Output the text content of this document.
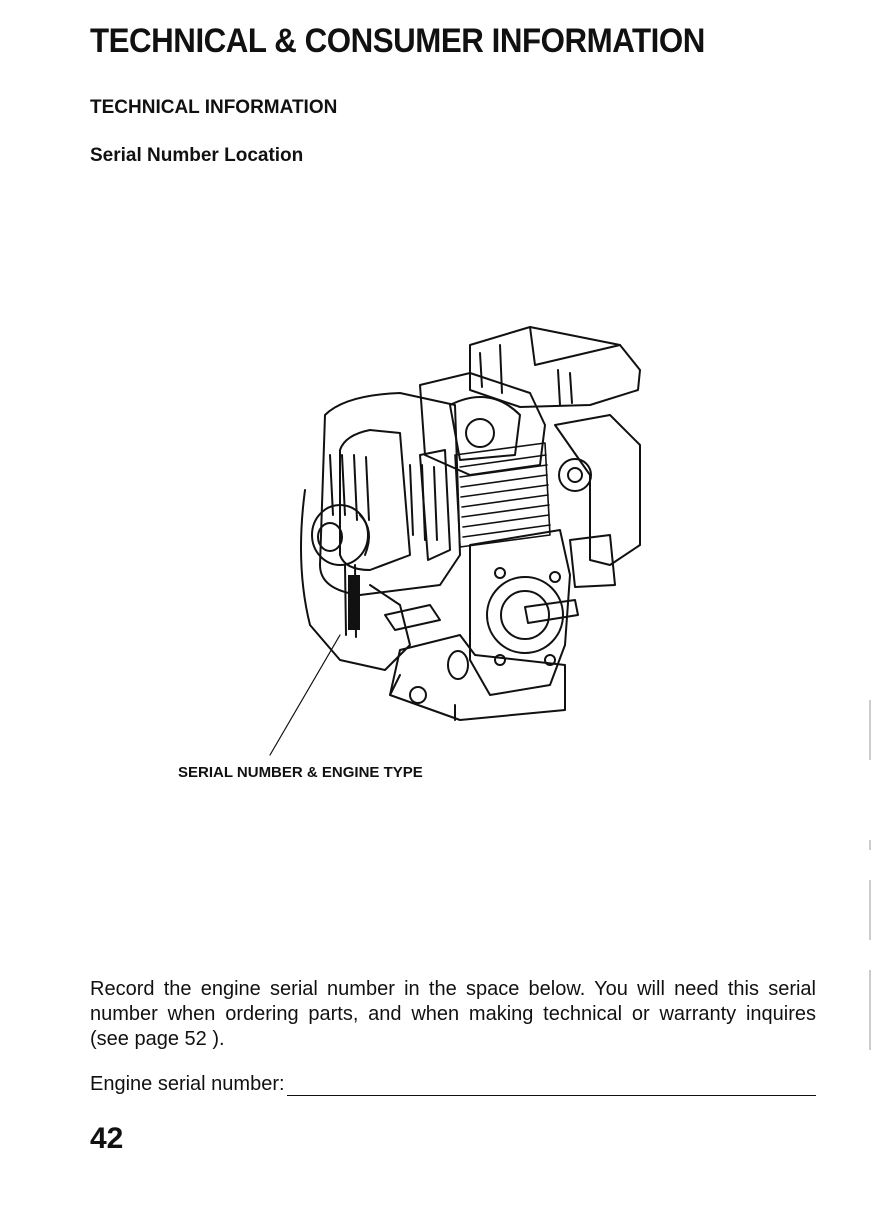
TECHNICAL & CONSUMER INFORMATION
TECHNICAL INFORMATION
Serial Number Location
SERIAL NUMBER & ENGINE TYPE

Record the engine serial number in the space below. You will need this serial number when ordering parts, and when making technical or warranty inquires (see page 52 ).

Engine serial number:
42
